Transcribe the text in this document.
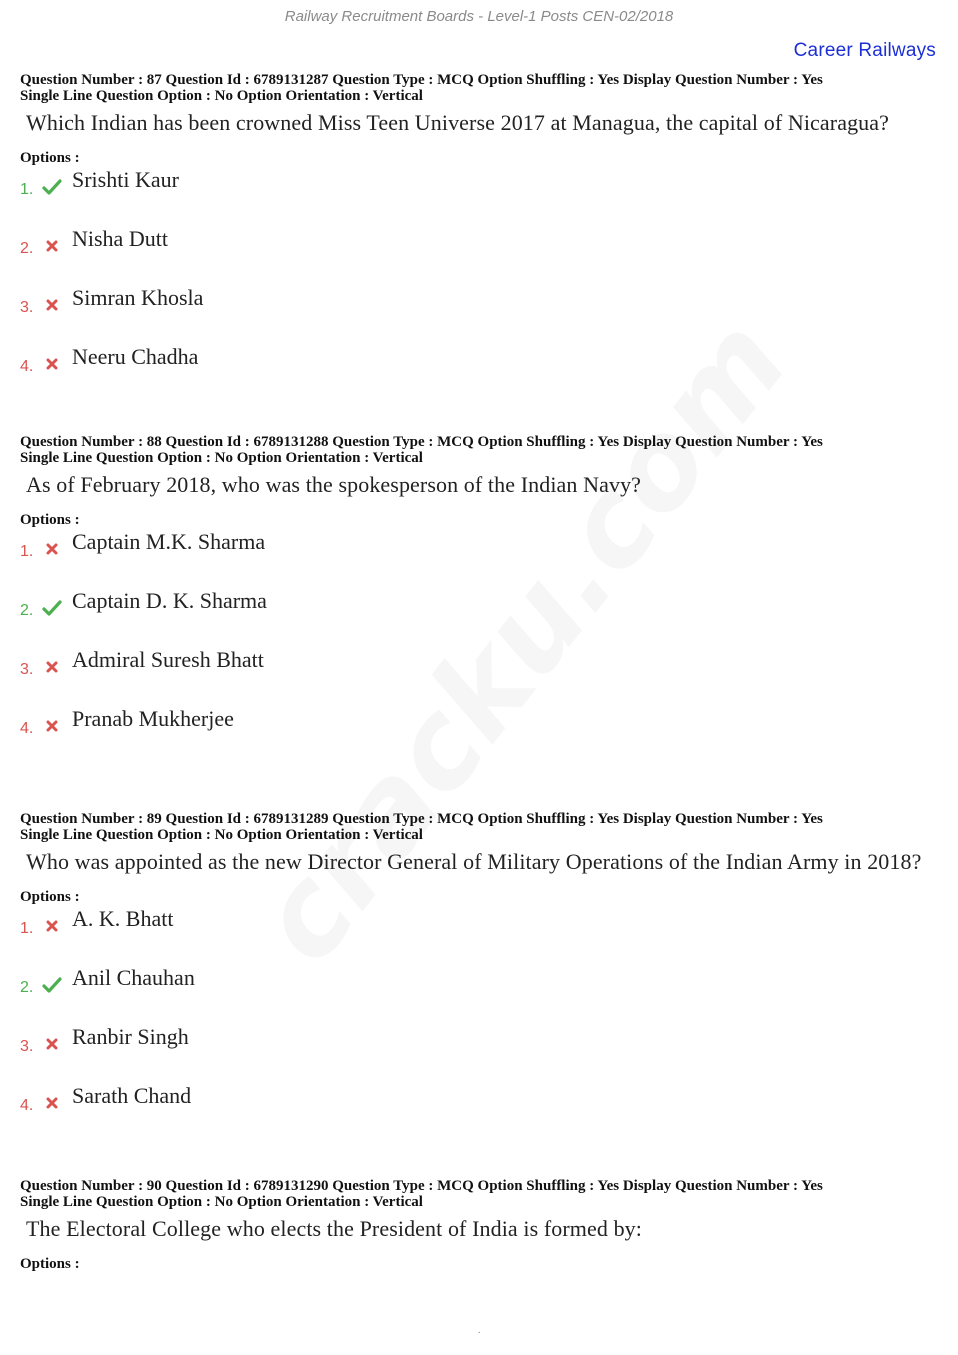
Railway Recruitment Boards - Level-1 Posts CEN-02/2018
Career Railways
Question Number : 87 Question Id : 6789131287 Question Type : MCQ Option Shuffling : Yes Display Question Number : Yes
Single Line Question Option : No Option Orientation : Vertical
Which Indian has been crowned Miss Teen Universe 2017 at Managua, the capital of Nicaragua?
Options :
1. Srishti Kaur
2. Nisha Dutt
3. Simran Khosla
4. Neeru Chadha
Question Number : 88 Question Id : 6789131288 Question Type : MCQ Option Shuffling : Yes Display Question Number : Yes
Single Line Question Option : No Option Orientation : Vertical
As of February 2018, who was the spokesperson of the Indian Navy?
Options :
1. Captain M.K. Sharma
2. Captain D. K. Sharma
3. Admiral Suresh Bhatt
4. Pranab Mukherjee
Question Number : 89 Question Id : 6789131289 Question Type : MCQ Option Shuffling : Yes Display Question Number : Yes
Single Line Question Option : No Option Orientation : Vertical
Who was appointed as the new Director General of Military Operations of the Indian Army in 2018?
Options :
1. A. K. Bhatt
2. Anil Chauhan
3. Ranbir Singh
4. Sarath Chand
Question Number : 90 Question Id : 6789131290 Question Type : MCQ Option Shuffling : Yes Display Question Number : Yes
Single Line Question Option : No Option Orientation : Vertical
The Electoral College who elects the President of India is formed by:
Options :
.
